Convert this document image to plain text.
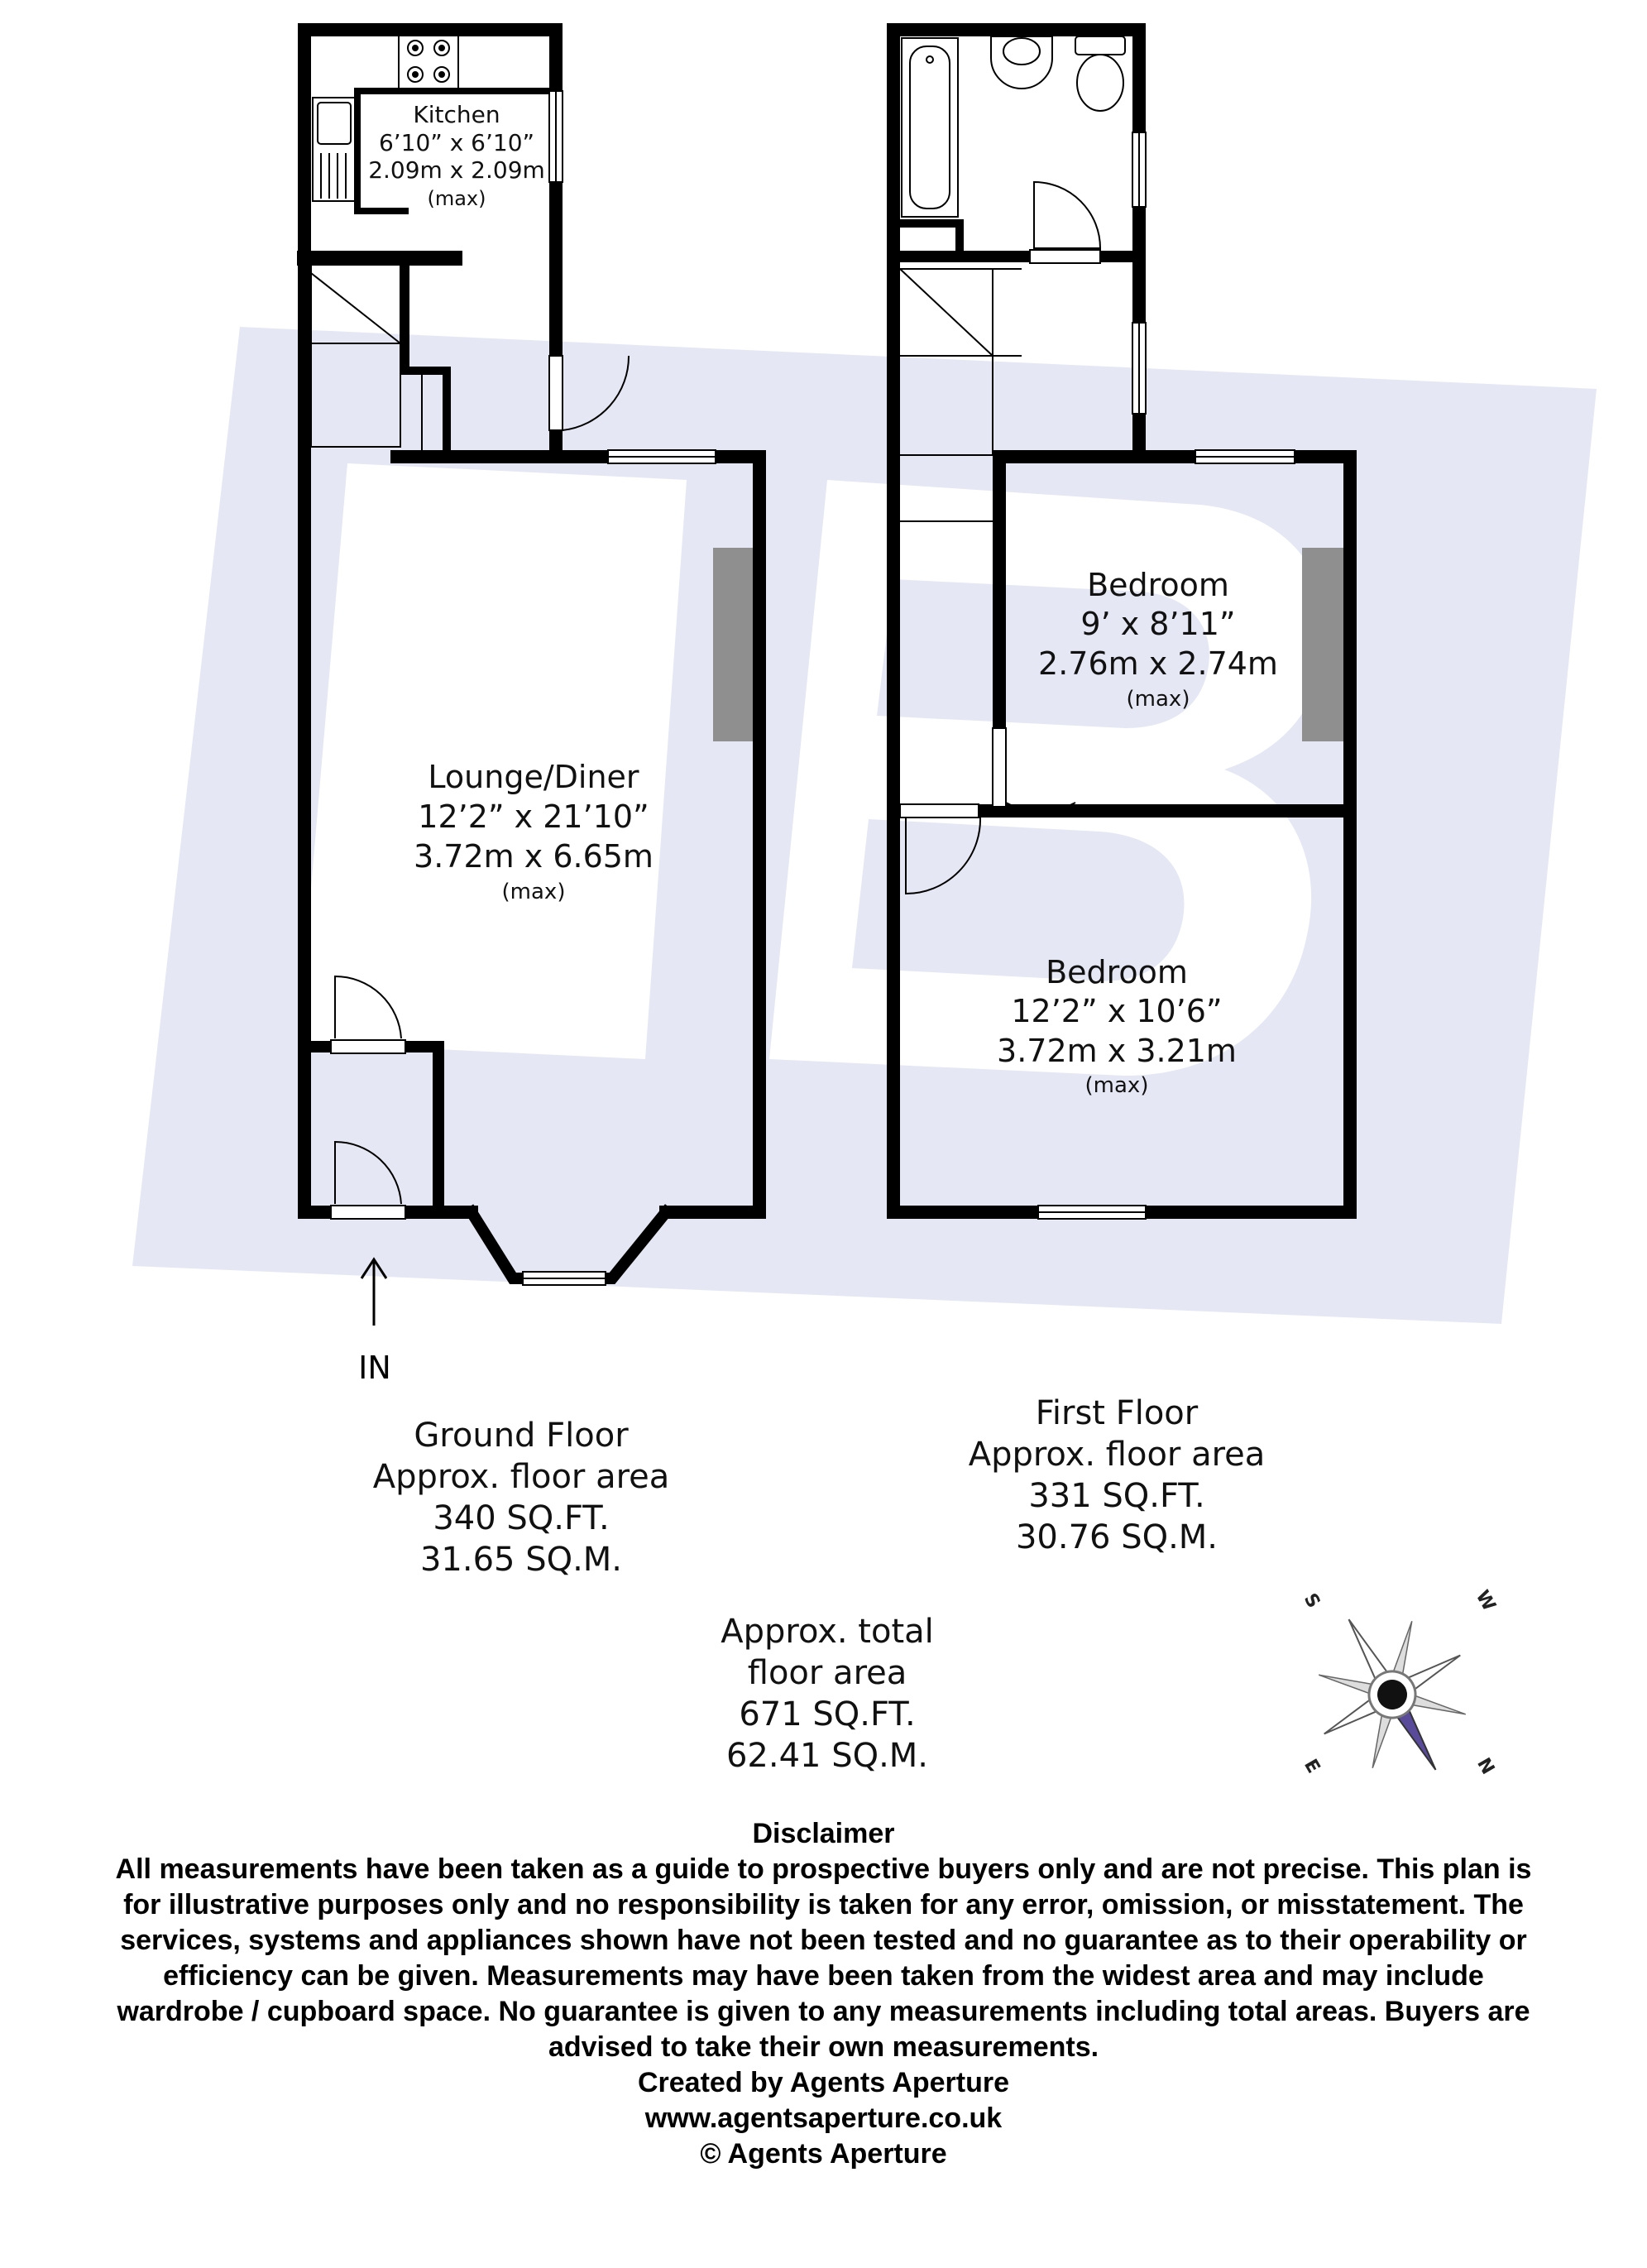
Kitchen
6’10” x 6’10”
2.09m x 2.09m
(max)
Lounge/Diner
12’2” x 21’10”
3.72m x 6.65m
(max)
Bedroom
9’ x 8’11”
2.76m x 2.74m
(max)
Bedroom
12’2” x 10’6”
3.72m x 3.21m
(max)
IN
S	W
E	N
Ground Floor
Approx. floor area
340 SQ.FT.
31.65 SQ.M.
First Floor
Approx. floor area
331 SQ.FT.
30.76 SQ.M.
Approx. total
floor area
671 SQ.FT.
62.41 SQ.M.
Disclaimer
All measurements have been taken as a guide to prospective buyers only and are not precise. This plan is
for illustrative purposes only and no responsibility is taken for any error, omission, or misstatement. The
services, systems and appliances shown have not been tested and no guarantee as to their operability or
efficiency can be given. Measurements may have been taken from the widest area and may include
wardrobe / cupboard space. No guarantee is given to any measurements including total areas. Buyers are
advised to take their own measurements.
Created by Agents Aperture
www.agentsaperture.co.uk
© Agents Aperture
